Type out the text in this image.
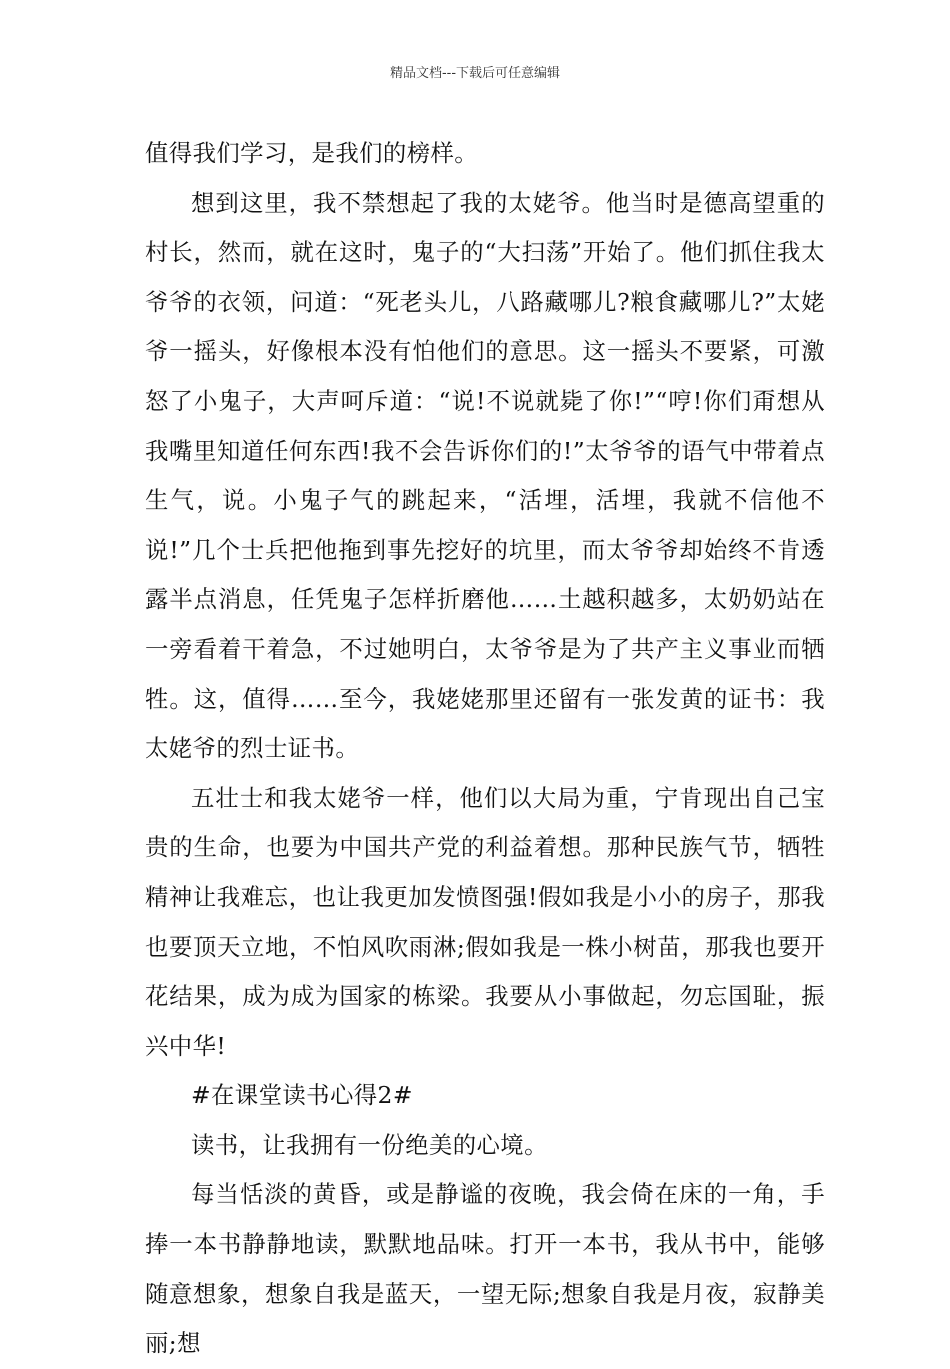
精品文档---下载后可任意编辑

值得我们学习，是我们的榜样。

想到这里，我不禁想起了我的太姥爷。他当时是德高望重的村长，然而，就在这时，鬼子的“大扫荡”开始了。他们抓住我太爷爷的衣领，问道：“死老头儿，八路藏哪儿?粮食藏哪儿?”太姥爷一摇头，好像根本没有怕他们的意思。这一摇头不要紧，可激怒了小鬼子，大声呵斥道：“说!不说就毙了你!”“哼!你们甭想从我嘴里知道任何东西!我不会告诉你们的!”太爷爷的语气中带着点生气，说。小鬼子气的跳起来，“活埋，活埋，我就不信他不说!”几个士兵把他拖到事先挖好的坑里，而太爷爷却始终不肯透露半点消息，任凭鬼子怎样折磨他……土越积越多，太奶奶站在一旁看着干着急，不过她明白，太爷爷是为了共产主义事业而牺牲。这，值得……至今，我姥姥那里还留有一张发黄的证书：我太姥爷的烈士证书。

五壮士和我太姥爷一样，他们以大局为重，宁肯现出自己宝贵的生命，也要为中国共产党的利益着想。那种民族气节，牺牲精神让我难忘，也让我更加发愤图强!假如我是小小的房子，那我也要顶天立地，不怕风吹雨淋;假如我是一株小树苗，那我也要开花结果，成为成为国家的栋梁。我要从小事做起，勿忘国耻，振兴中华!

#在课堂读书心得2#

读书，让我拥有一份绝美的心境。

每当恬淡的黄昏，或是静谧的夜晚，我会倚在床的一角，手捧一本书静静地读，默默地品味。打开一本书，我从书中，能够随意想象，想象自我是蓝天，一望无际;想象自我是月夜，寂静美丽;想
